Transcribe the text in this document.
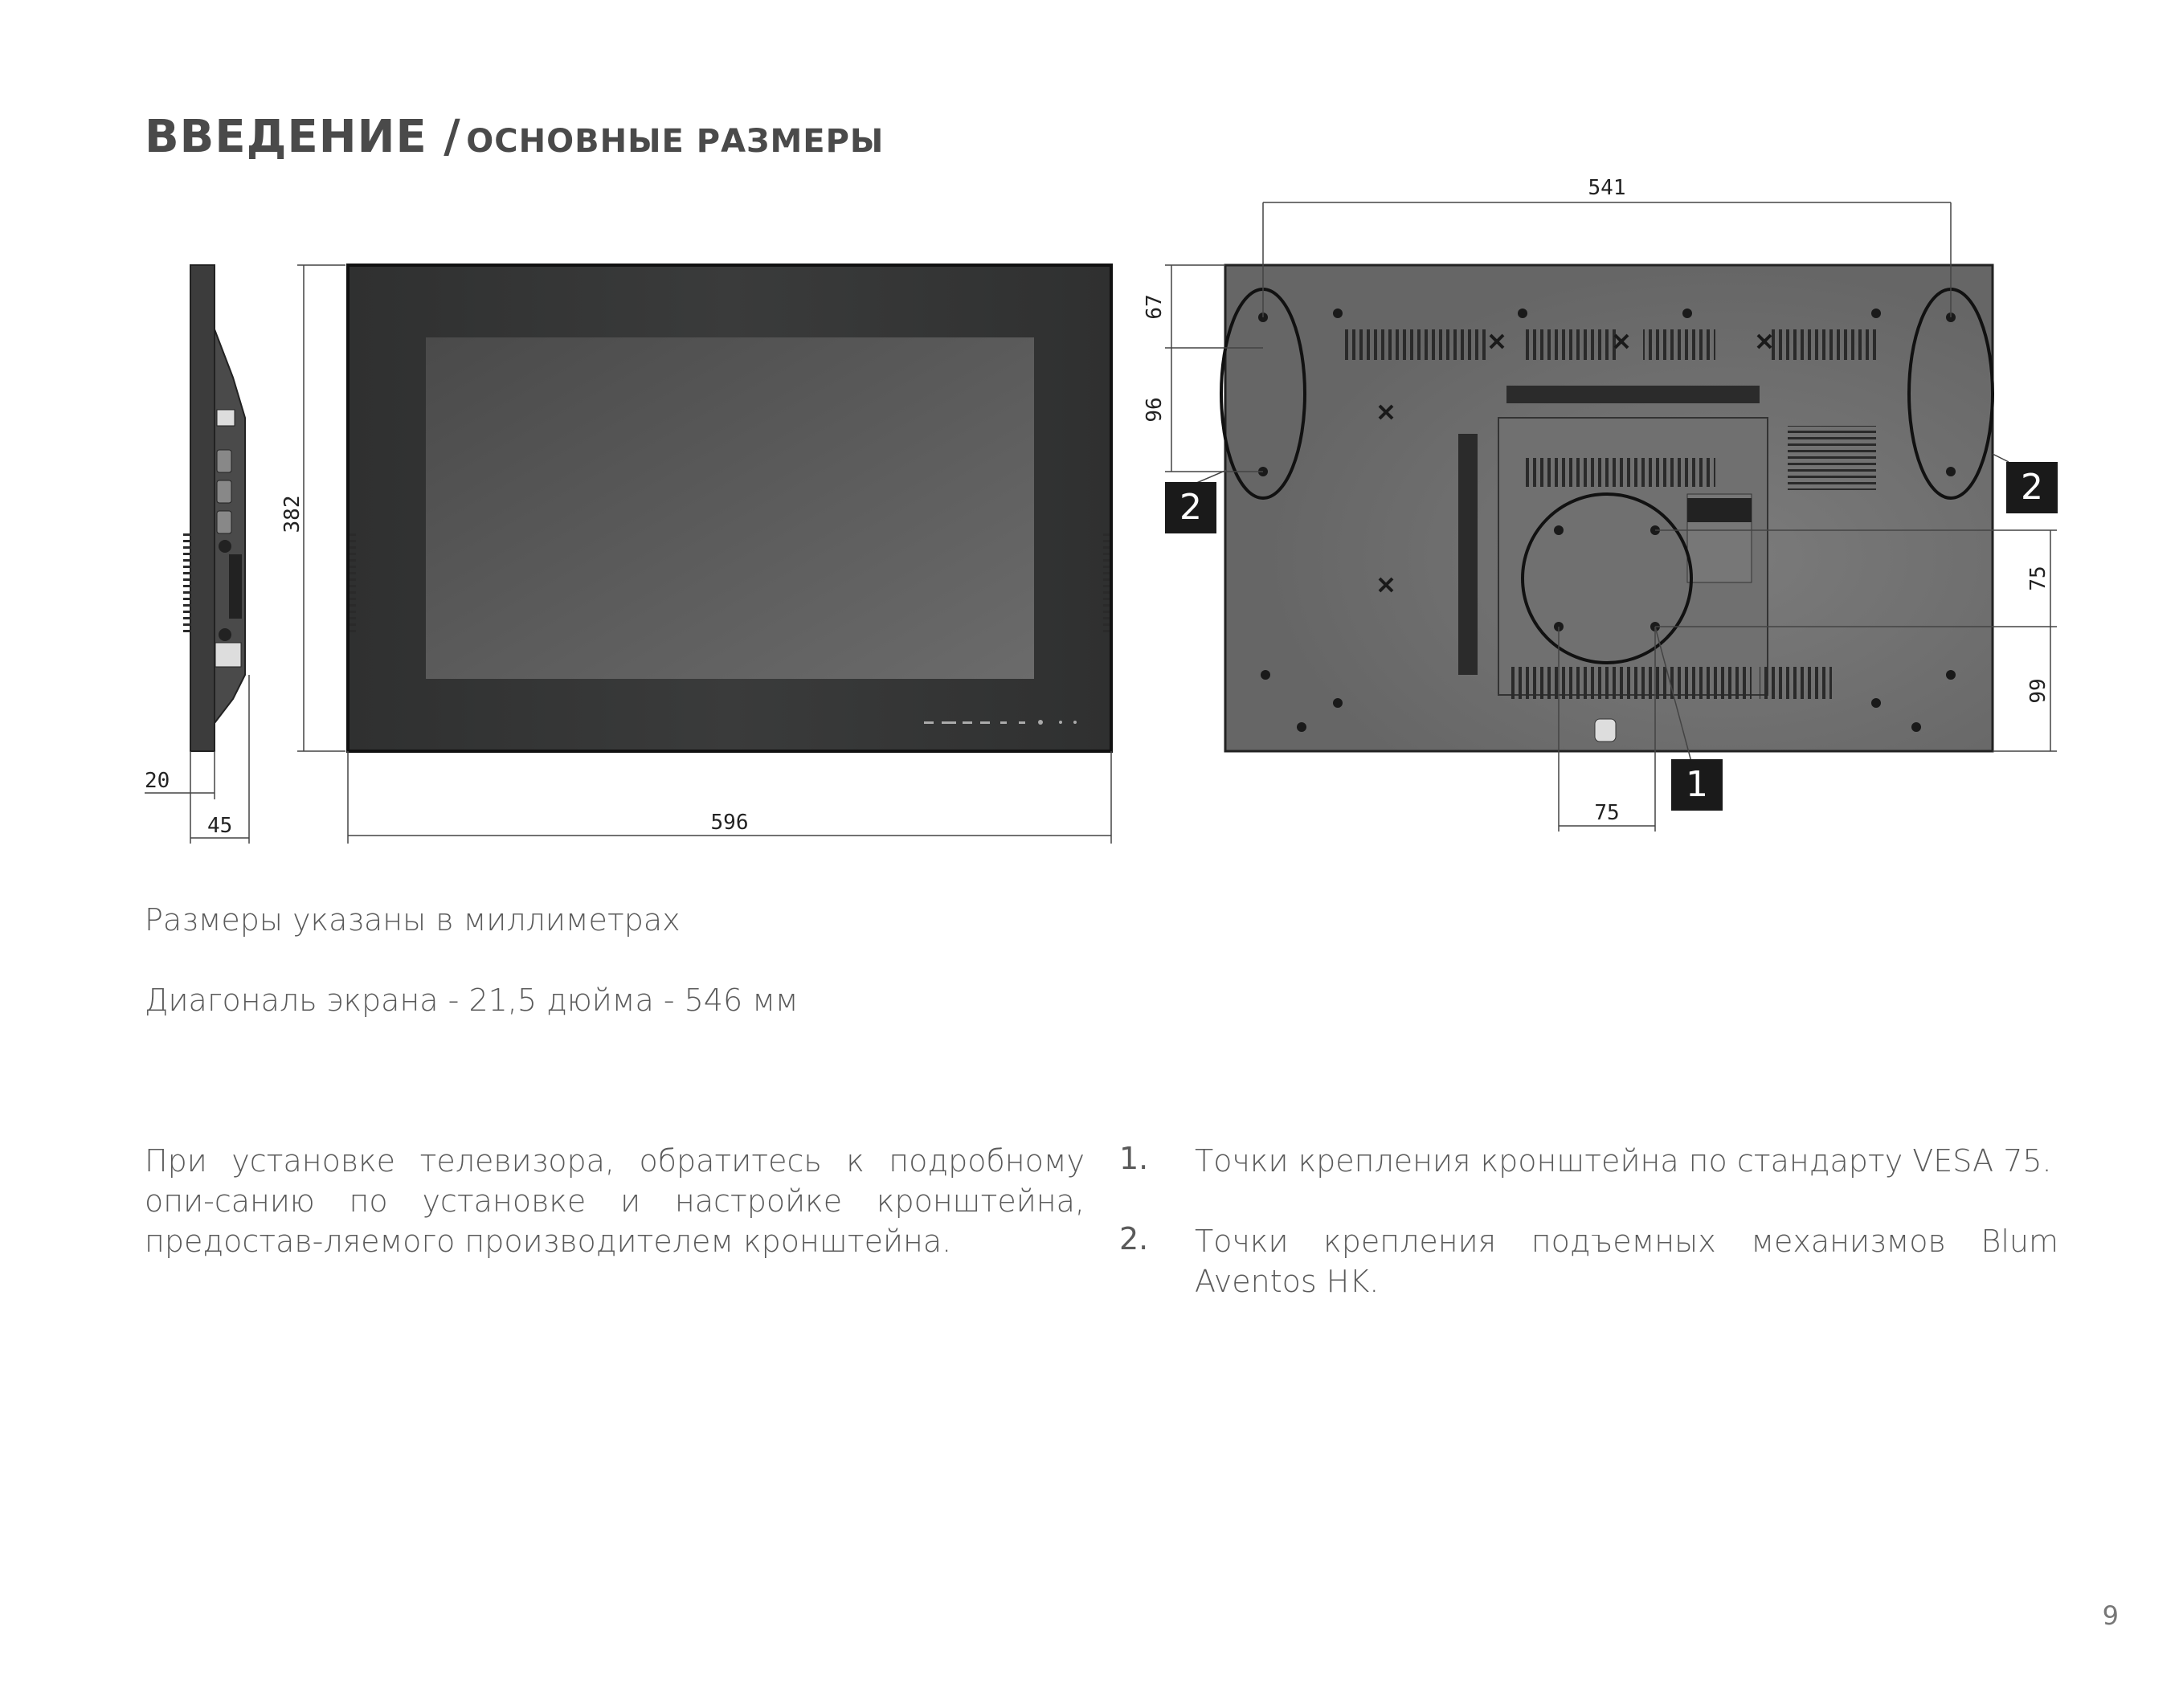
ВВЕДЕНИЕ / ОСНОВНЫЕ РАЗМЕРЫ
20
45
382
596
541
67
96
75
99
75
1
2	2
Размеры указаны в миллиметрах
Диагональ экрана - 21,5 дюйма - 546 мм
При установке телевизора, обратитесь к подробному опи-санию по установке и настройке кронштейна, предостав-ляемого производителем кронштейна.
1. Точки крепления кронштейна по стандарту VESA 75.
2. Точки крепления подъемных механизмов Blum Aventos HK.
9
